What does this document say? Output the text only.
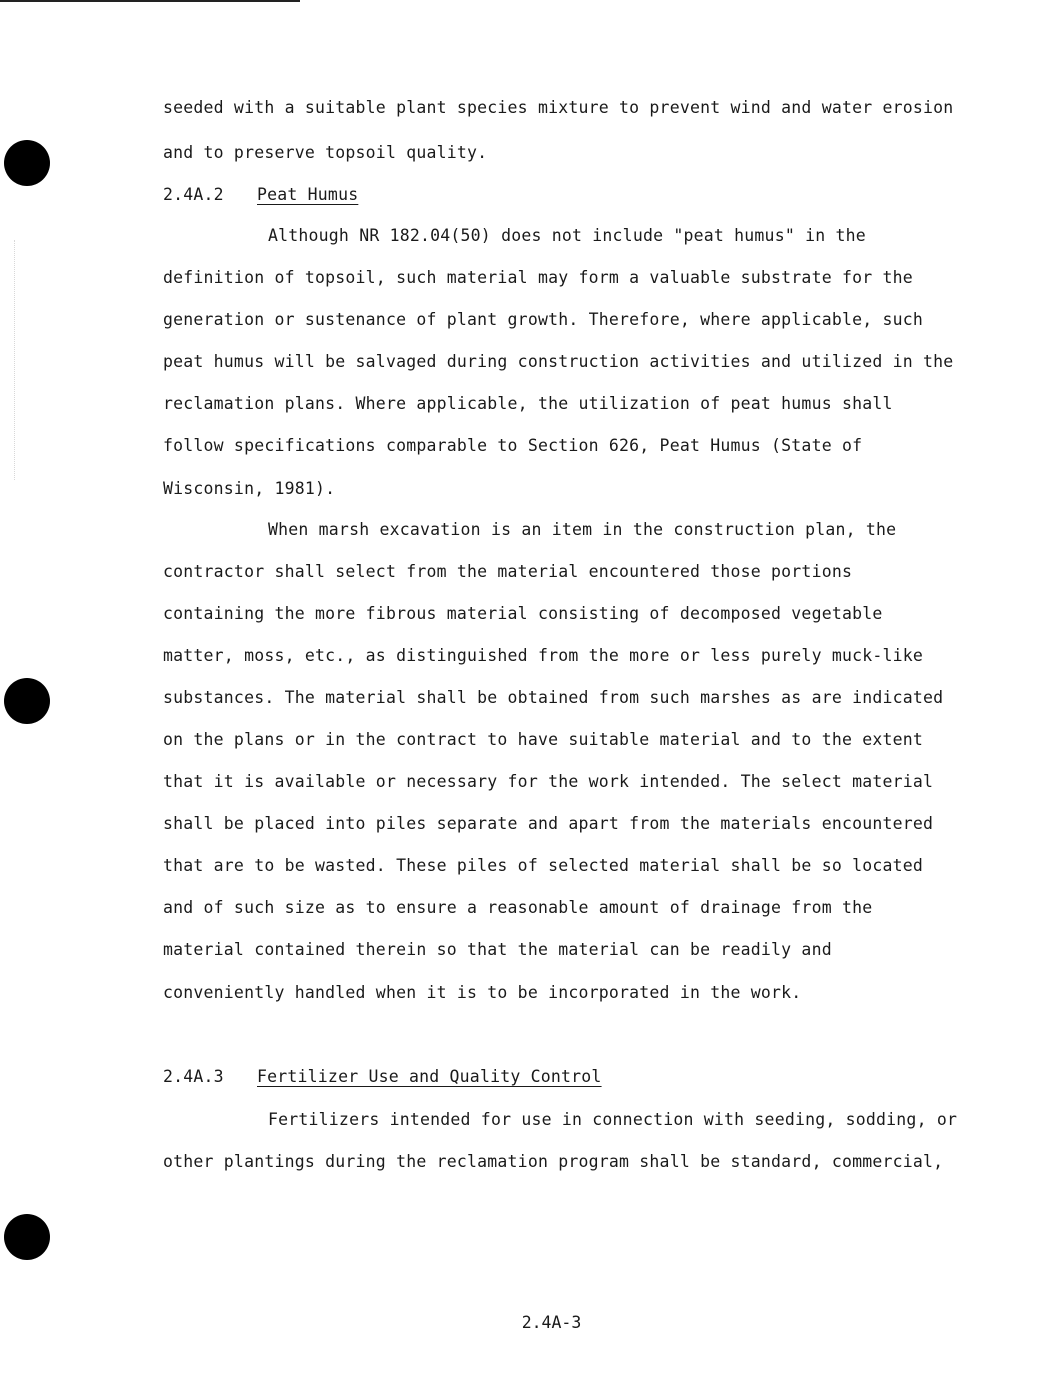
seeded with a suitable plant species mixture to prevent wind and water erosion
and to preserve topsoil quality.
2.4A.2 Peat Humus
Although NR 182.04(50) does not include "peat humus" in the
definition of topsoil, such material may form a valuable substrate for the
generation or sustenance of plant growth. Therefore, where applicable, such
peat humus will be salvaged during construction activities and utilized in the
reclamation plans. Where applicable, the utilization of peat humus shall
follow specifications comparable to Section 626, Peat Humus (State of
Wisconsin, 1981).
When marsh excavation is an item in the construction plan, the
contractor shall select from the material encountered those portions
containing the more fibrous material consisting of decomposed vegetable
matter, moss, etc., as distinguished from the more or less purely muck-like
substances. The material shall be obtained from such marshes as are indicated
on the plans or in the contract to have suitable material and to the extent
that it is available or necessary for the work intended. The select material
shall be placed into piles separate and apart from the materials encountered
that are to be wasted. These piles of selected material shall be so located
and of such size as to ensure a reasonable amount of drainage from the
material contained therein so that the material can be readily and
conveniently handled when it is to be incorporated in the work.
2.4A.3 Fertilizer Use and Quality Control
Fertilizers intended for use in connection with seeding, sodding, or
other plantings during the reclamation program shall be standard, commercial,
2.4A-3
